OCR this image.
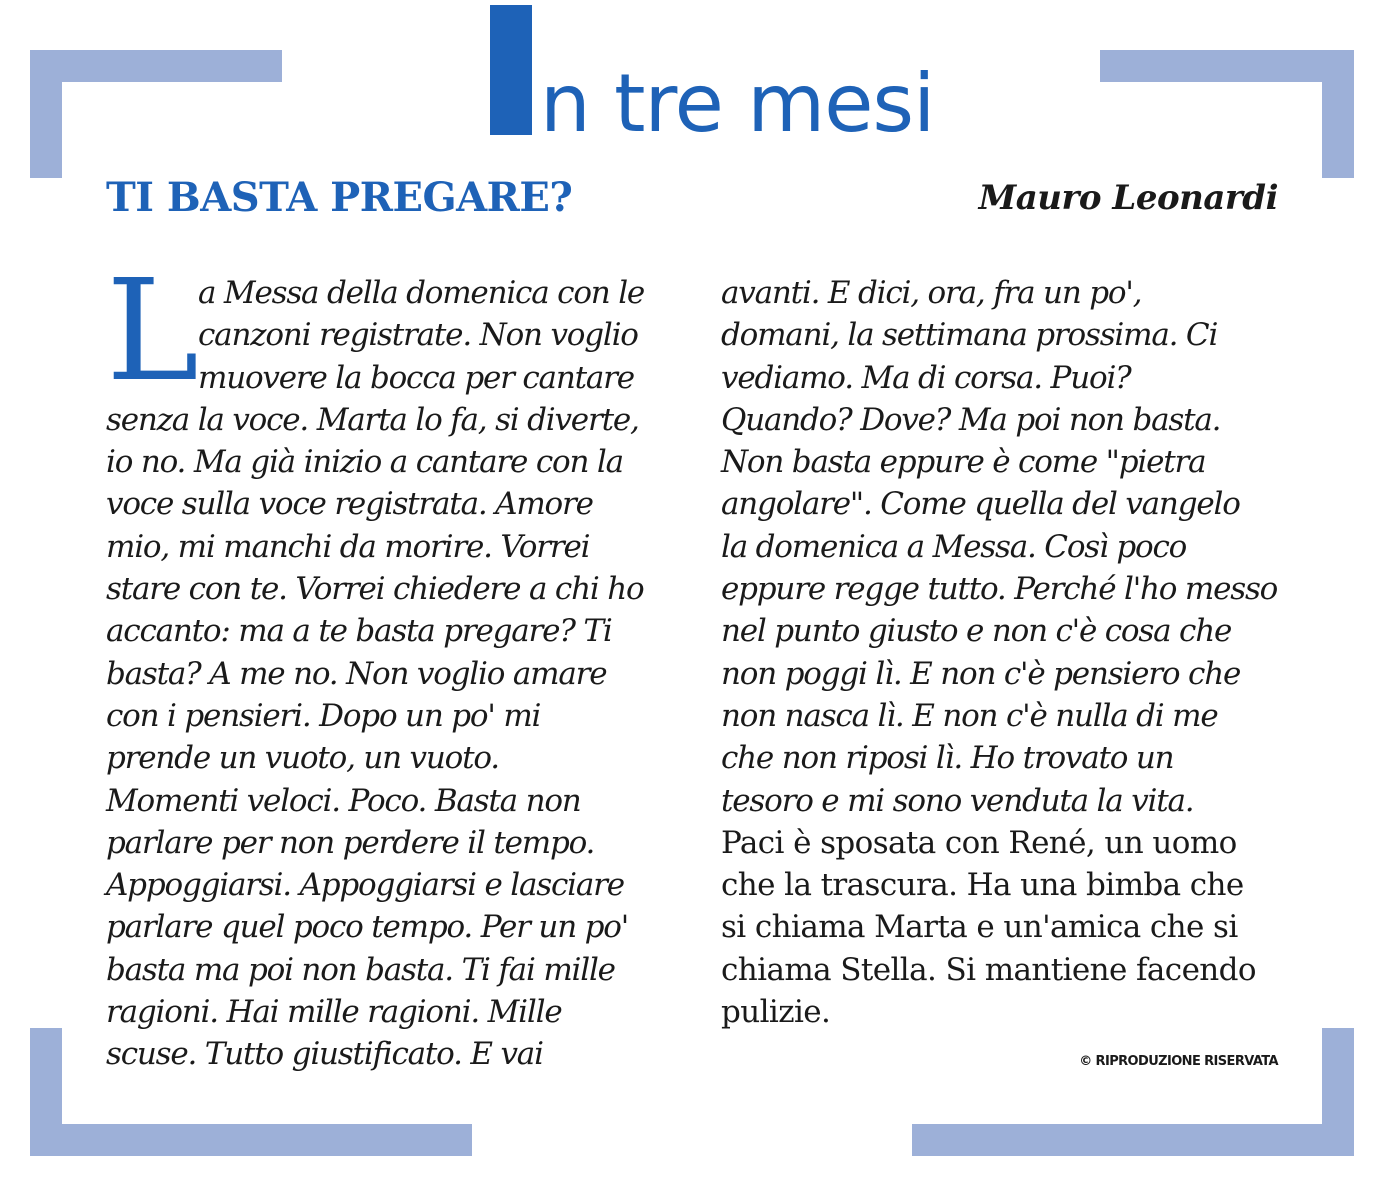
n tre mesi
TI BASTA PREGARE?	Mauro Leonardi
L a Messa della domenica con le
canzoni registrate. Non voglio
muovere la bocca per cantare
senza la voce. Marta lo fa, si diverte,
io no. Ma già inizio a cantare con la
voce sulla voce registrata. Amore
mio, mi manchi da morire. Vorrei
stare con te. Vorrei chiedere a chi ho
accanto: ma a te basta pregare? Ti
basta? A me no. Non voglio amare
con i pensieri. Dopo un po' mi
prende un vuoto, un vuoto.
Momenti veloci. Poco. Basta non
parlare per non perdere il tempo.
Appoggiarsi. Appoggiarsi e lasciare
parlare quel poco tempo. Per un po'
basta ma poi non basta. Ti fai mille
ragioni. Hai mille ragioni. Mille
scuse. Tutto giustificato. E vai
avanti. E dici, ora, fra un po',
domani, la settimana prossima. Ci
vediamo. Ma di corsa. Puoi?
Quando? Dove? Ma poi non basta.
Non basta eppure è come "pietra
angolare". Come quella del vangelo
la domenica a Messa. Così poco
eppure regge tutto. Perché l'ho messo
nel punto giusto e non c'è cosa che
non poggi lì. E non c'è pensiero che
non nasca lì. E non c'è nulla di me
che non riposi lì. Ho trovato un
tesoro e mi sono venduta la vita.
Paci è sposata con René, un uomo
che la trascura. Ha una bimba che
si chiama Marta e un'amica che si
chiama Stella. Si mantiene facendo
pulizie.
© RIPRODUZIONE RISERVATA
